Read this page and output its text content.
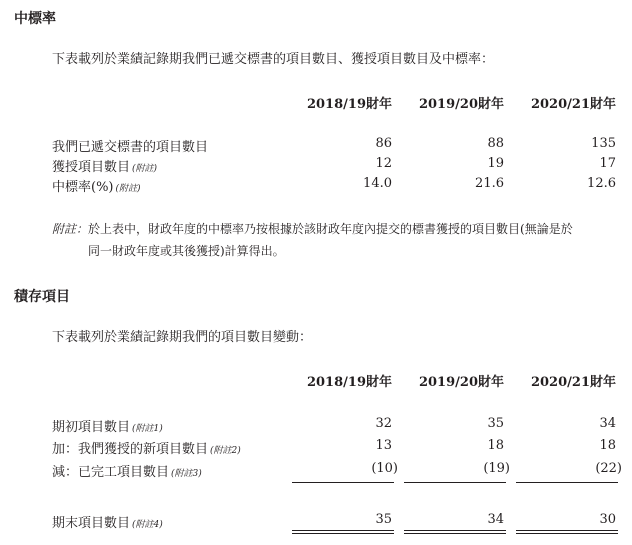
中標率
下表載列於業績記錄期我們已遞交標書的項目數目、獲授項目數目及中標率：
2018/19財年	2019/20財年	2020/21財年
我們已遞交標書的項目數目	86	88	135
獲授項目數目 (附註)	12	19	17
中標率(%) (附註)	14.0	21.6	12.6
附註：於上表中，財政年度的中標率乃按根據於該財政年度內提交的標書獲授的項目數目(無論是於
同一財政年度或其後獲授)計算得出。
積存項目
下表載列於業績記錄期我們的項目數目變動：
2018/19財年	2019/20財年	2020/21財年
期初項目數目 (附註1)	32	35	34
加：我們獲授的新項目數目 (附註2)	13	18	18
減：已完工項目數目 (附註3)	(10)	(19)	(22)
期末項目數目 (附註4)	35	34	30
